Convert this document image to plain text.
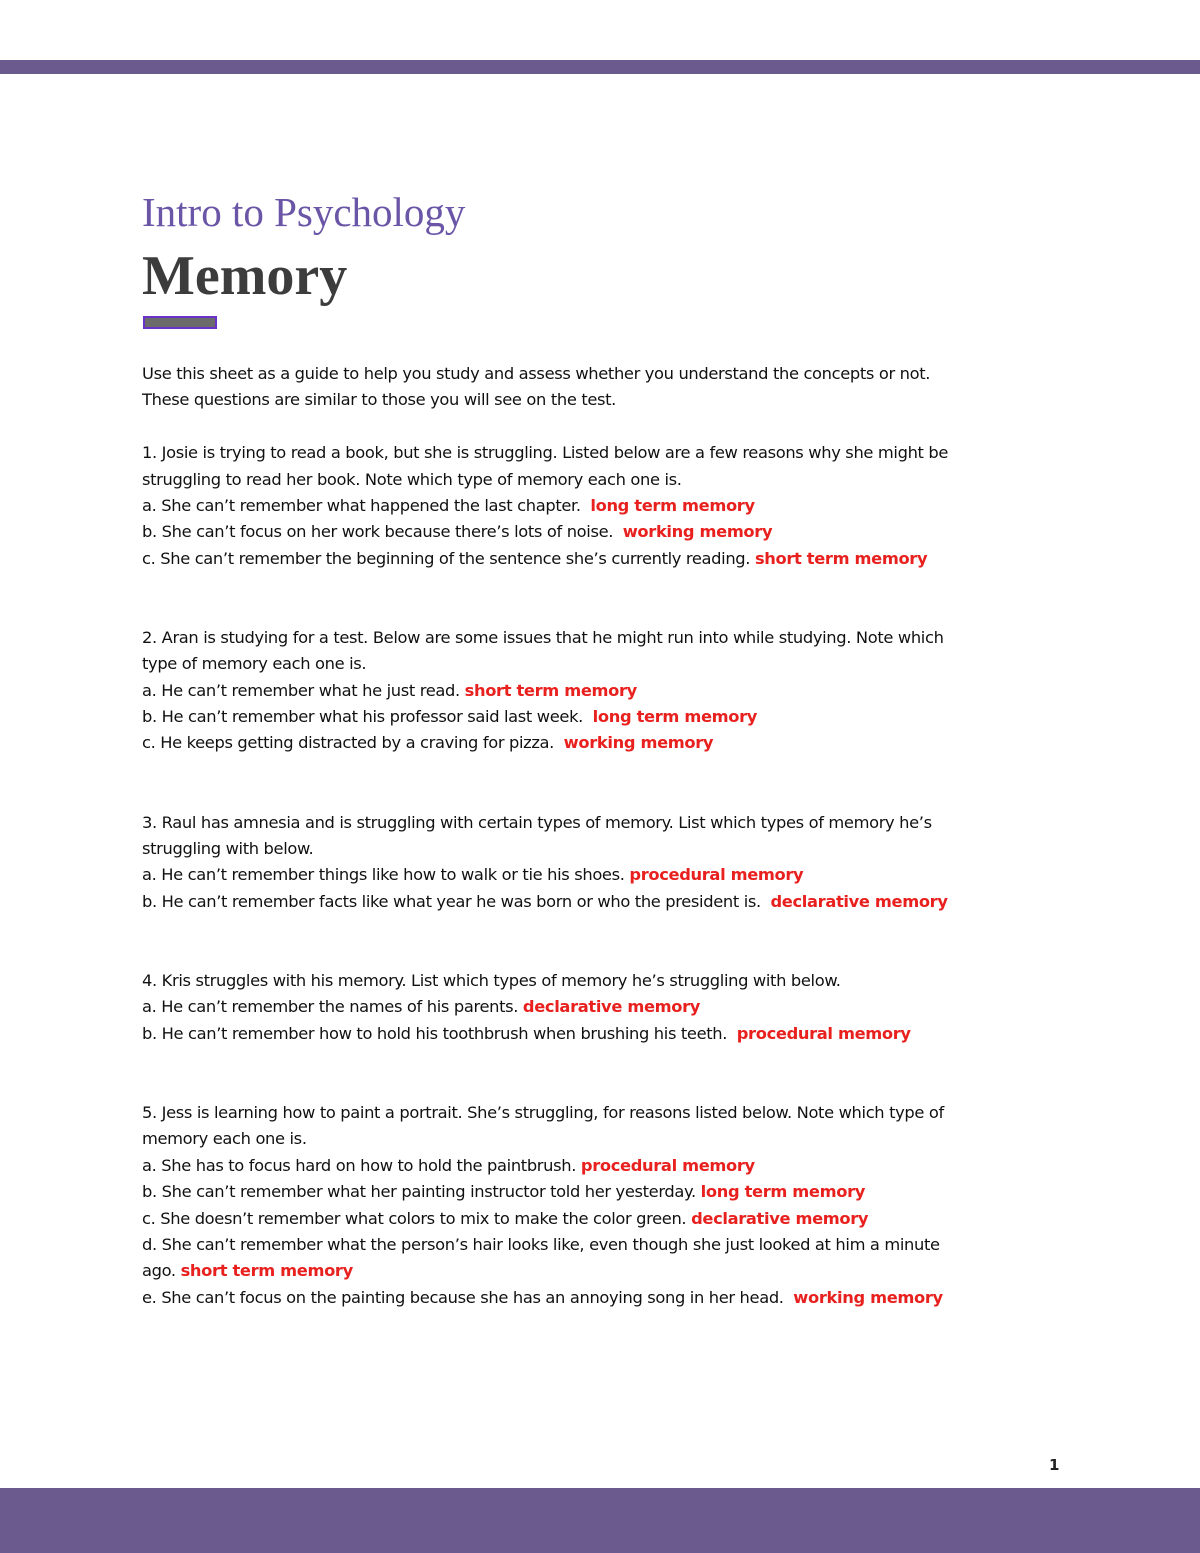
Intro to Psychology
Memory
Use this sheet as a guide to help you study and assess whether you understand the concepts or not.
These questions are similar to those you will see on the test.
1. Josie is trying to read a book, but she is struggling. Listed below are a few reasons why she might be
struggling to read her book. Note which type of memory each one is.
a. She can’t remember what happened the last chapter. long term memory
b. She can’t focus on her work because there’s lots of noise. working memory
c. She can’t remember the beginning of the sentence she’s currently reading. short term memory
2. Aran is studying for a test. Below are some issues that he might run into while studying. Note which
type of memory each one is.
a. He can’t remember what he just read. short term memory
b. He can’t remember what his professor said last week. long term memory
c. He keeps getting distracted by a craving for pizza. working memory
3. Raul has amnesia and is struggling with certain types of memory. List which types of memory he’s
struggling with below.
a. He can’t remember things like how to walk or tie his shoes. procedural memory
b. He can’t remember facts like what year he was born or who the president is. declarative memory
4. Kris struggles with his memory. List which types of memory he’s struggling with below.
a. He can’t remember the names of his parents. declarative memory
b. He can’t remember how to hold his toothbrush when brushing his teeth. procedural memory
5. Jess is learning how to paint a portrait. She’s struggling, for reasons listed below. Note which type of
memory each one is.
a. She has to focus hard on how to hold the paintbrush. procedural memory
b. She can’t remember what her painting instructor told her yesterday. long term memory
c. She doesn’t remember what colors to mix to make the color green. declarative memory
d. She can’t remember what the person’s hair looks like, even though she just looked at him a minute
ago. short term memory
e. She can’t focus on the painting because she has an annoying song in her head. working memory
1
